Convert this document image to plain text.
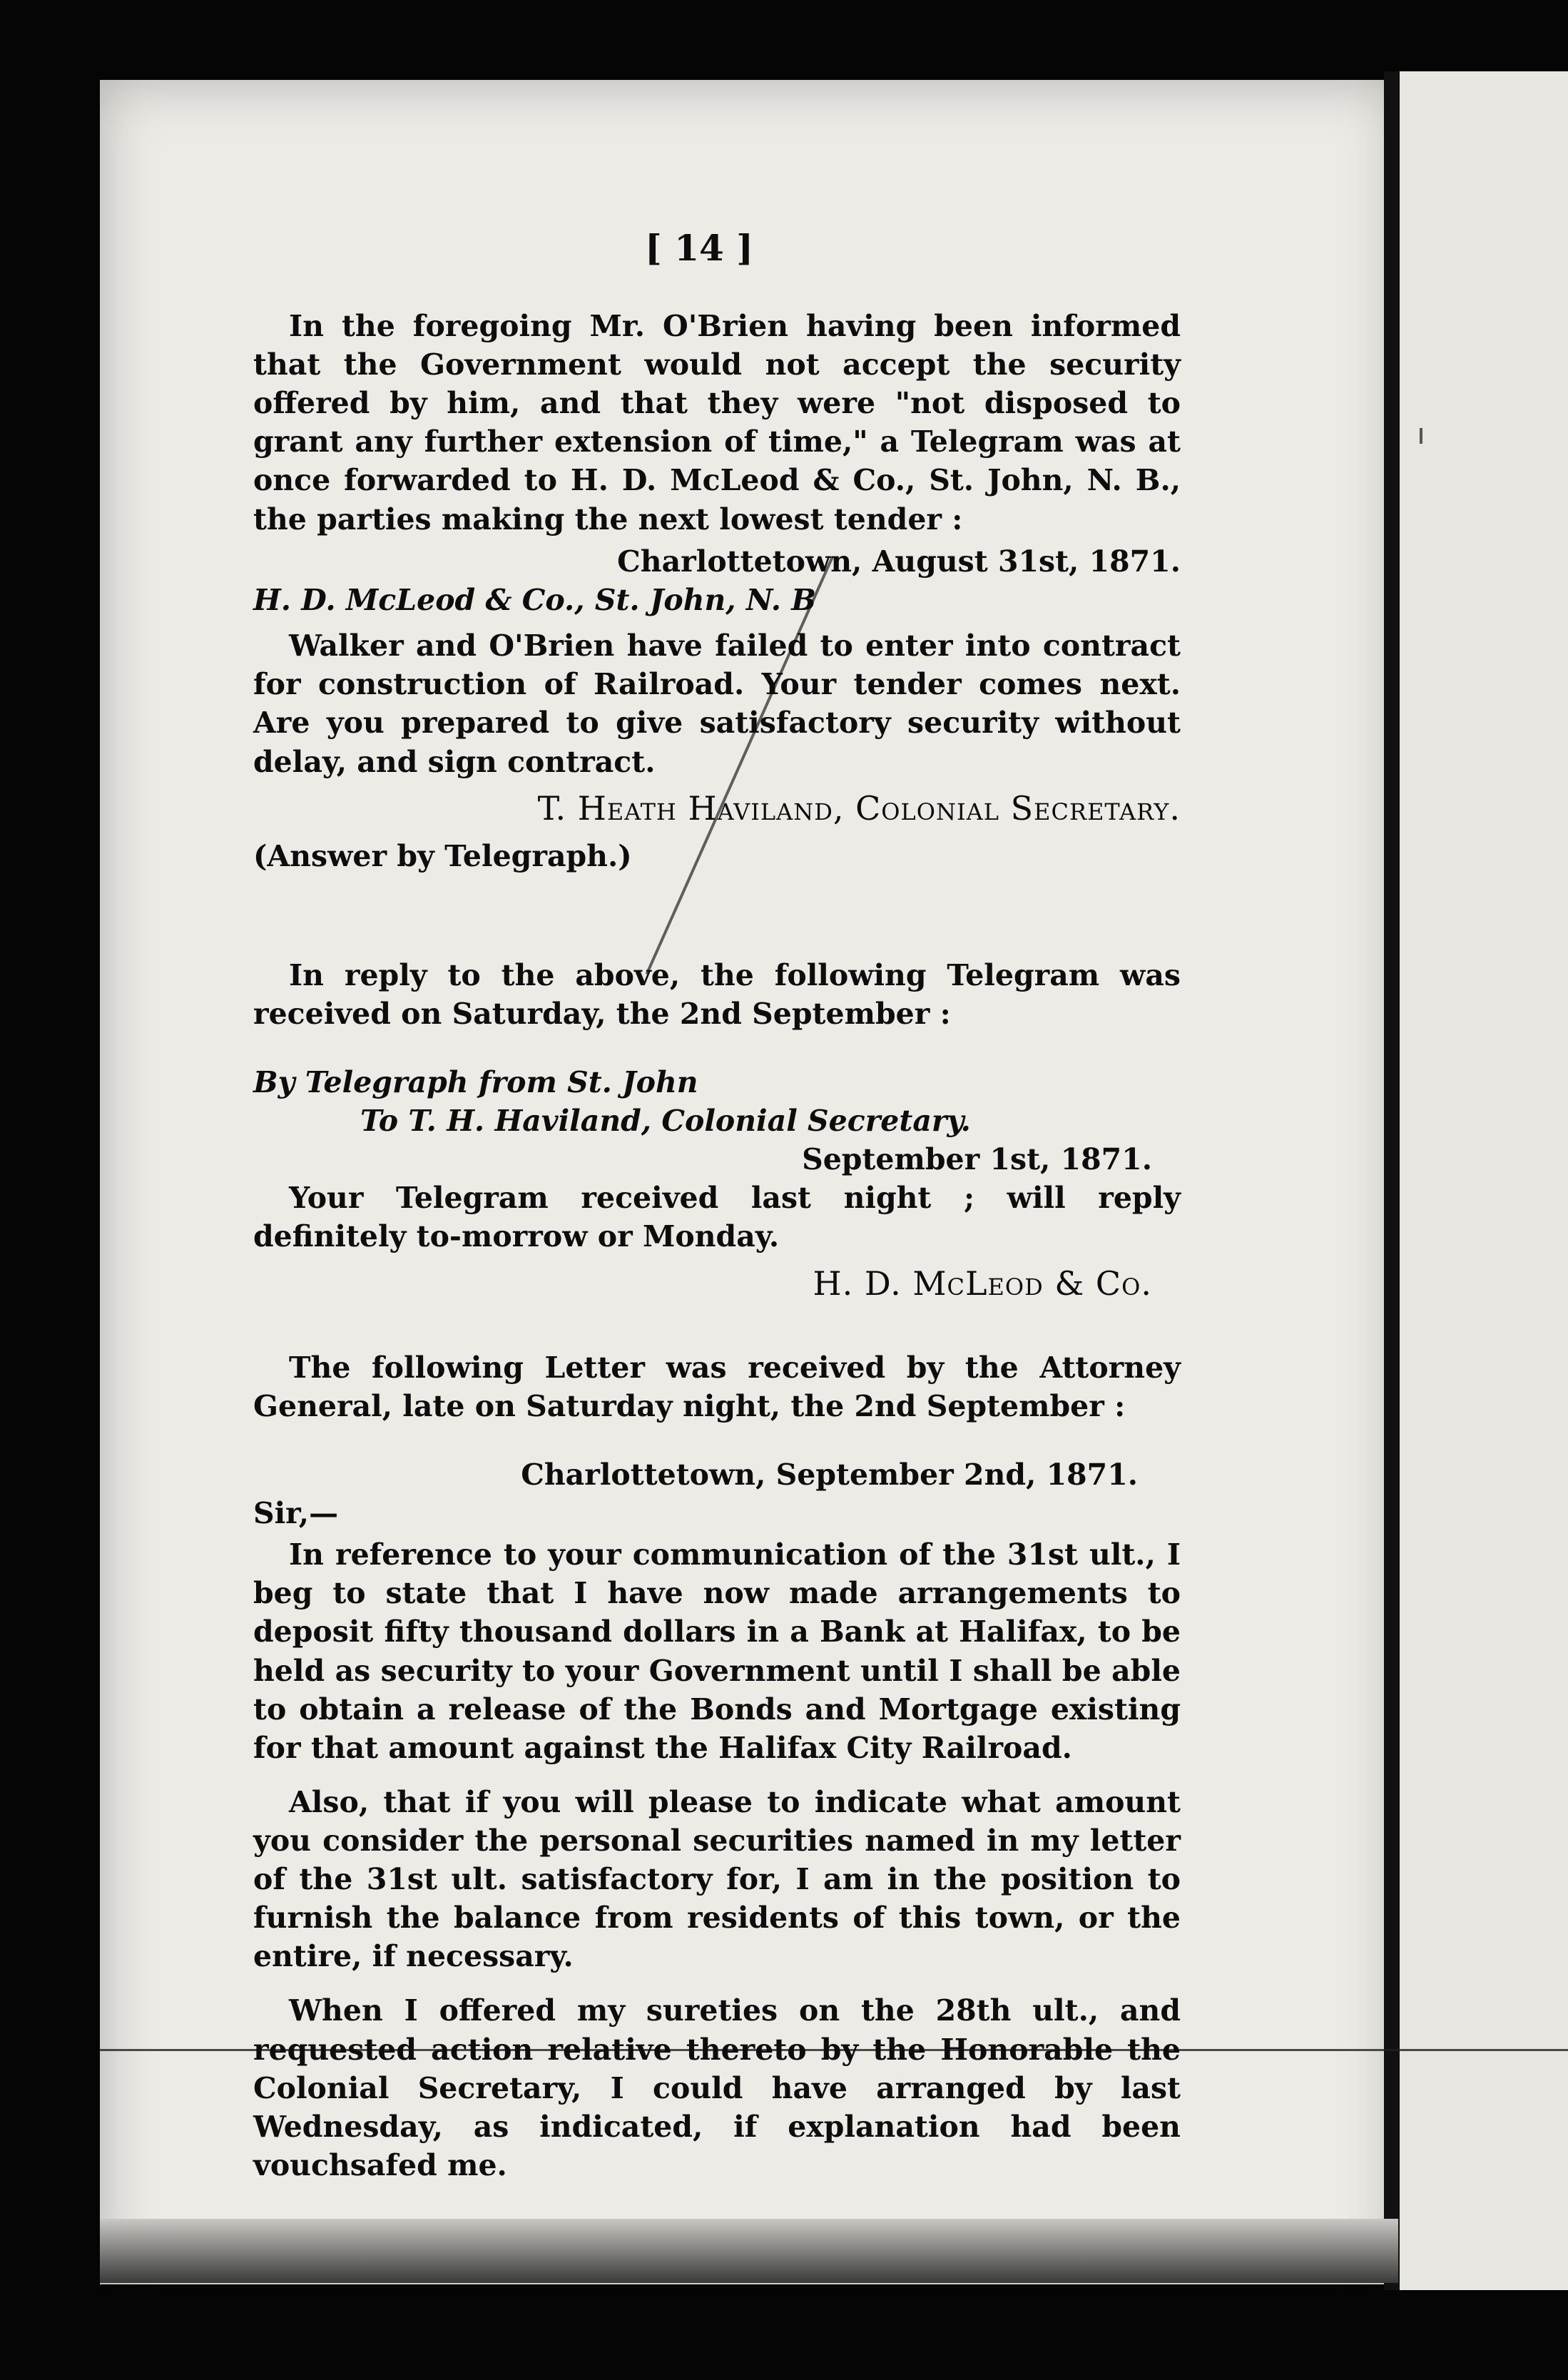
[ 14 ]

In the foregoing Mr. O'Brien having been informed that the Government would not accept the security offered by him, and that they were "not disposed to grant any further extension of time," a Telegram was at once forwarded to H. D. McLeod & Co., St. John, N. B., the parties making the next lowest tender :

Charlottetown, August 31st, 1871.

H. D. McLeod & Co., St. John, N. B

Walker and O'Brien have failed to enter into contract for construction of Railroad. Your tender comes next. Are you prepared to give satisfactory security without delay, and sign contract.

T. Heath Haviland, Colonial Secretary.

(Answer by Telegraph.)

In reply to the above, the following Telegram was received on Saturday, the 2nd September :

By Telegraph from St. John

To T. H. Haviland, Colonial Secretary.

September 1st, 1871.

Your Telegram received last night ; will reply definitely to-morrow or Monday.

H. D. McLeod & Co.

The following Letter was received by the Attorney General, late on Saturday night, the 2nd September :

Charlottetown, September 2nd, 1871.

Sir,—

In reference to your communication of the 31st ult., I beg to state that I have now made arrangements to deposit fifty thousand dollars in a Bank at Halifax, to be held as security to your Government until I shall be able to obtain a release of the Bonds and Mortgage existing for that amount against the Halifax City Railroad.

Also, that if you will please to indicate what amount you consider the personal securities named in my letter of the 31st ult. satisfactory for, I am in the position to furnish the balance from residents of this town, or the entire, if necessary.

When I offered my sureties on the 28th ult., and requested action relative thereto by the Honorable the Colonial Secretary, I could have arranged by last Wednesday, as indicated, if explanation had been vouchsafed me.
